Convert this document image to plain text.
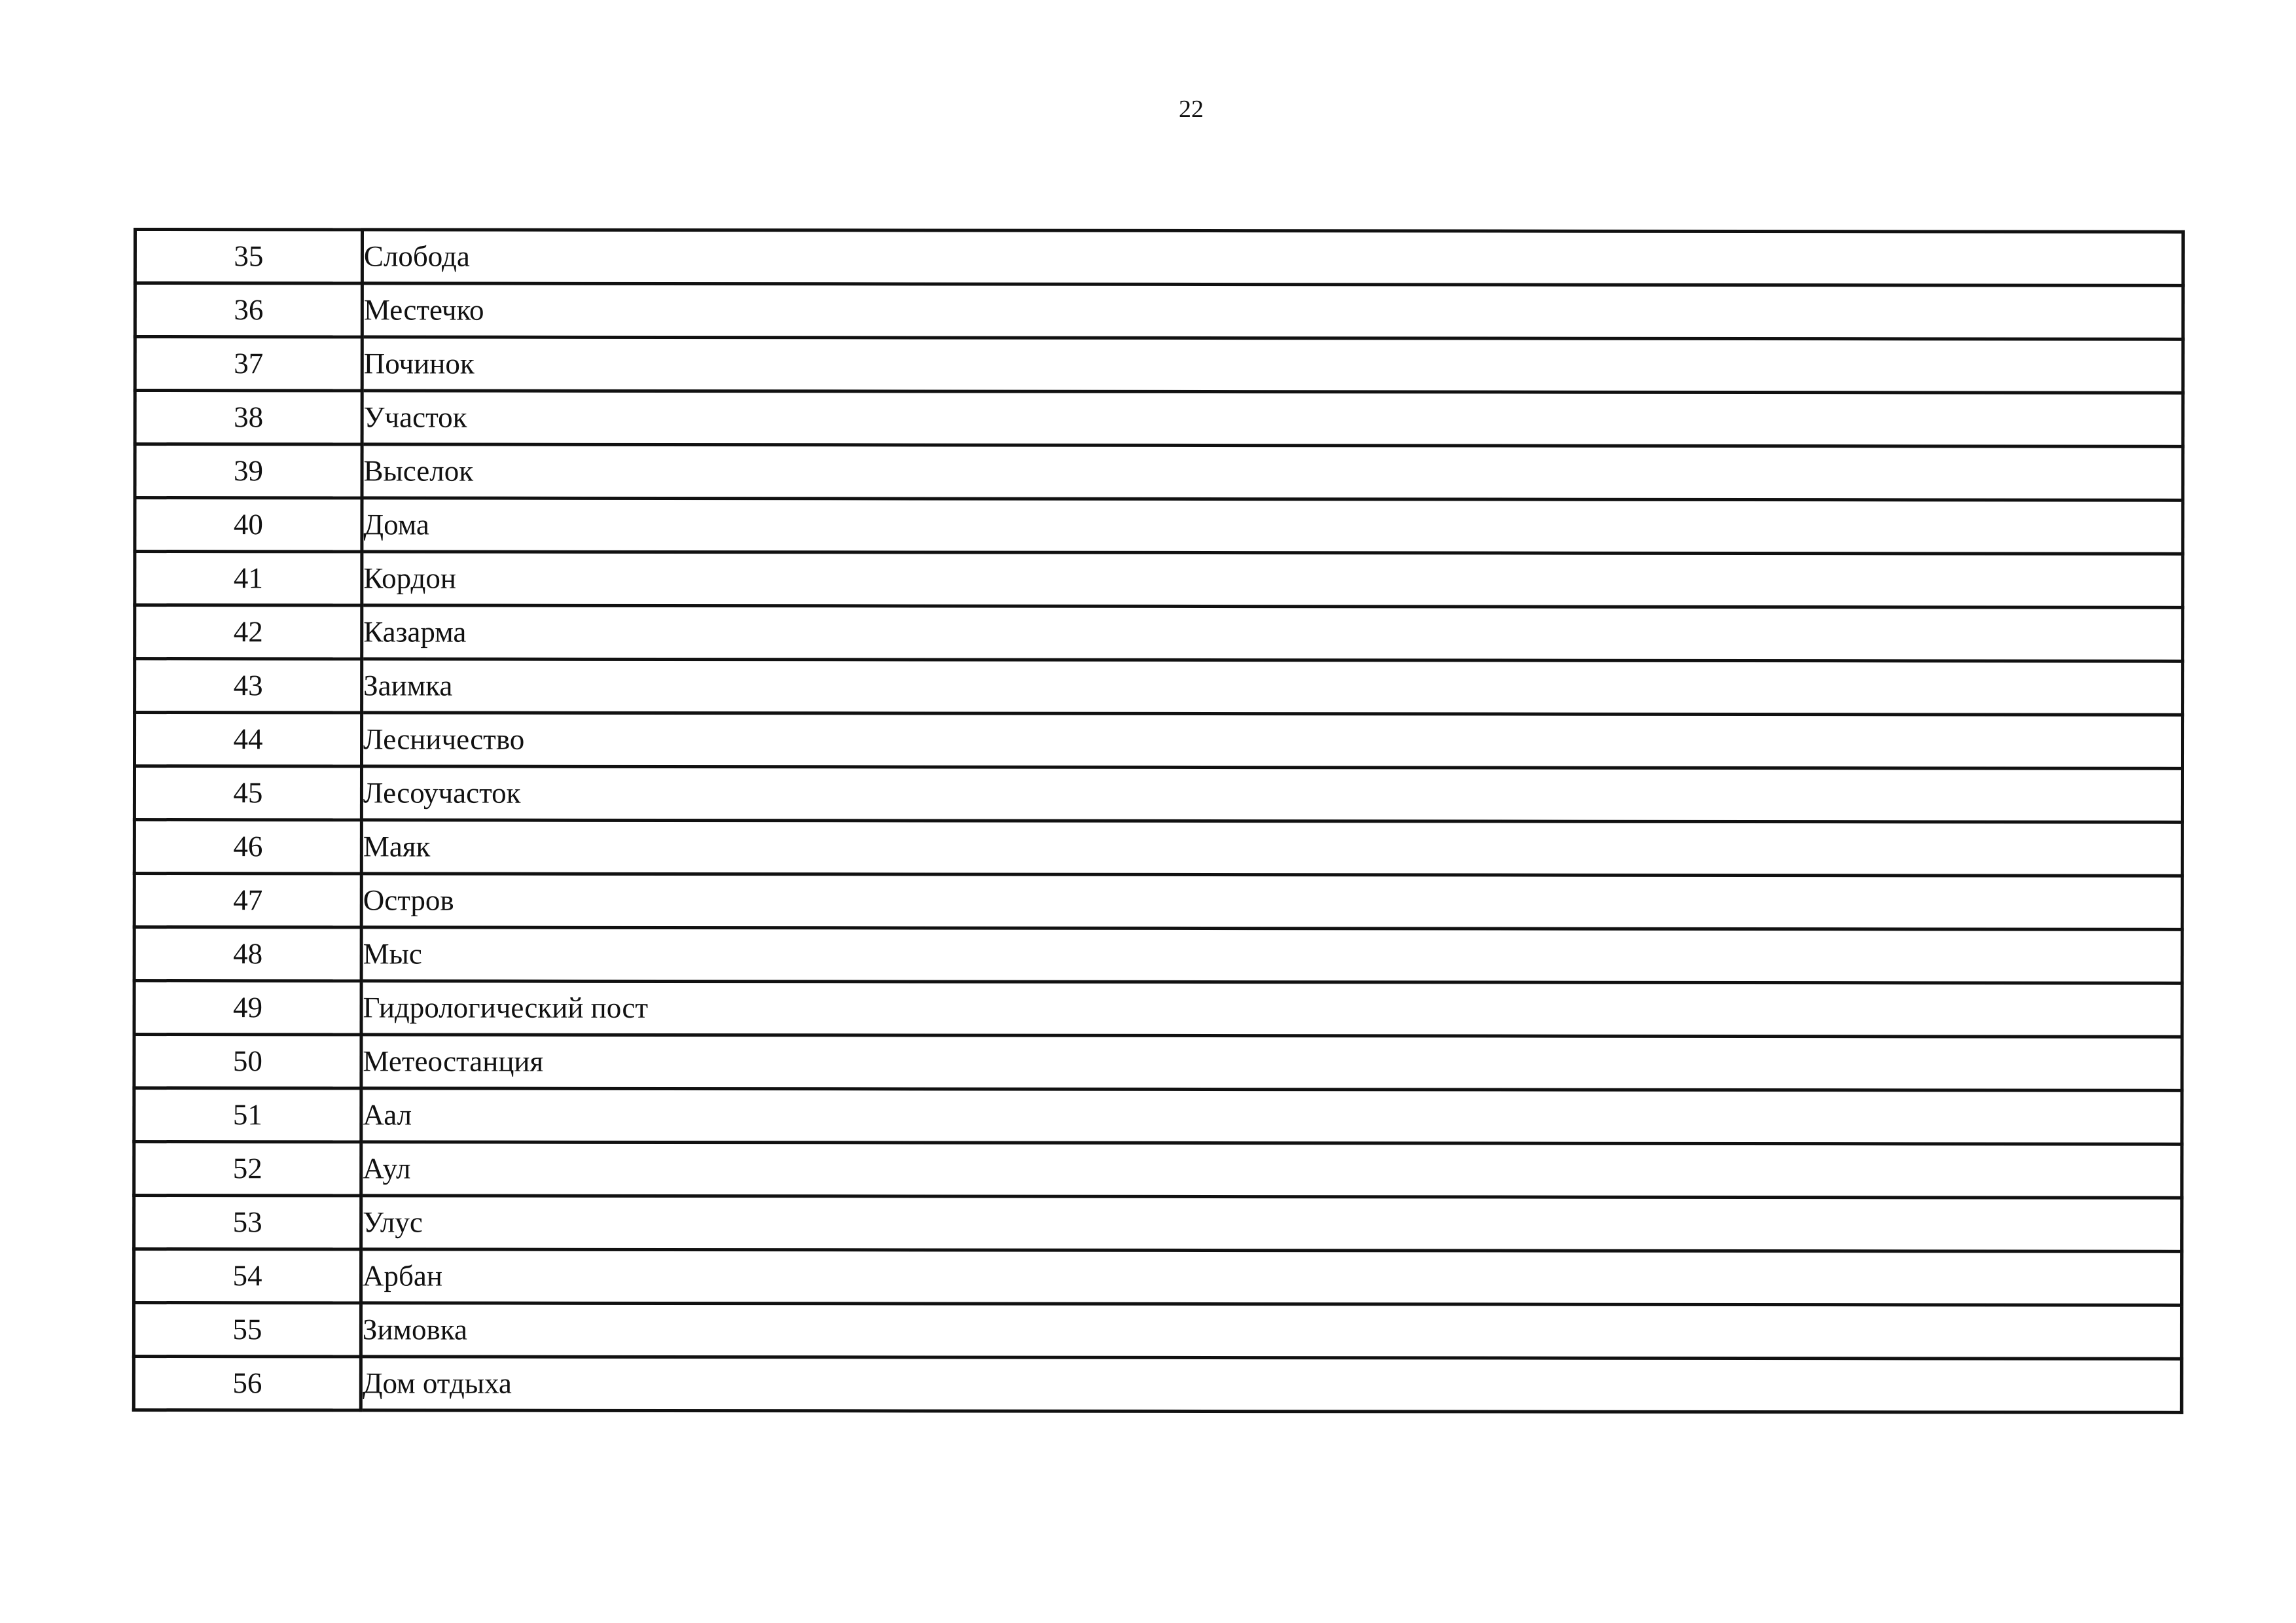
22
35	Слобода
36	Местечко
37	Починок
38	Участок
39	Выселок
40	Дома
41	Кордон
42	Казарма
43	Заимка
44	Лесничество
45	Лесоучасток
46	Маяк
47	Остров
48	Мыс
49	Гидрологический пост
50	Метеостанция
51	Аал
52	Аул
53	Улус
54	Арбан
55	Зимовка
56	Дом отдыха
